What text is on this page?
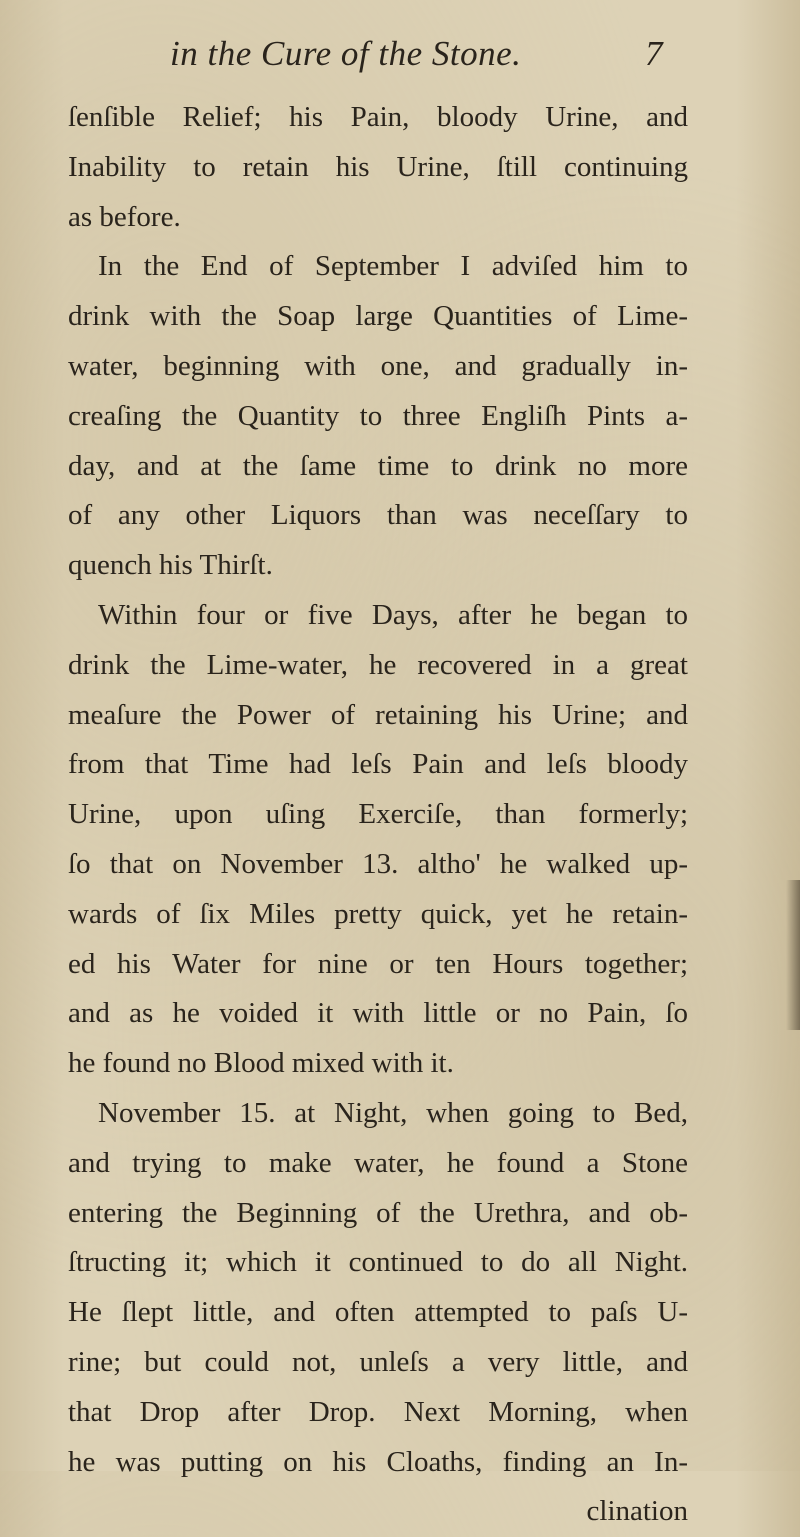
in the Cure of the Stone.	7
ſenſible Relief; his Pain, bloody Urine, and
Inability to retain his Urine, ſtill continuing
as before.
In the End of September I adviſed him to
drink with the Soap large Quantities of Lime-
water, beginning with one, and gradually in-
creaſing the Quantity to three Engliſh Pints a-
day, and at the ſame time to drink no more
of any other Liquors than was neceſſary to
quench his Thirſt.
Within four or five Days, after he began to
drink the Lime-water, he recovered in a great
meaſure the Power of retaining his Urine; and
from that Time had leſs Pain and leſs bloody
Urine, upon uſing Exerciſe, than formerly;
ſo that on November 13. altho' he walked up-
wards of ſix Miles pretty quick, yet he retain-
ed his Water for nine or ten Hours together;
and as he voided it with little or no Pain, ſo
he found no Blood mixed with it.
November 15. at Night, when going to Bed,
and trying to make water, he found a Stone
entering the Beginning of the Urethra, and ob-
ſtructing it; which it continued to do all Night.
He ſlept little, and often attempted to paſs U-
rine; but could not, unleſs a very little, and
that Drop after Drop. Next Morning, when
he was putting on his Cloaths, finding an In-
clination
